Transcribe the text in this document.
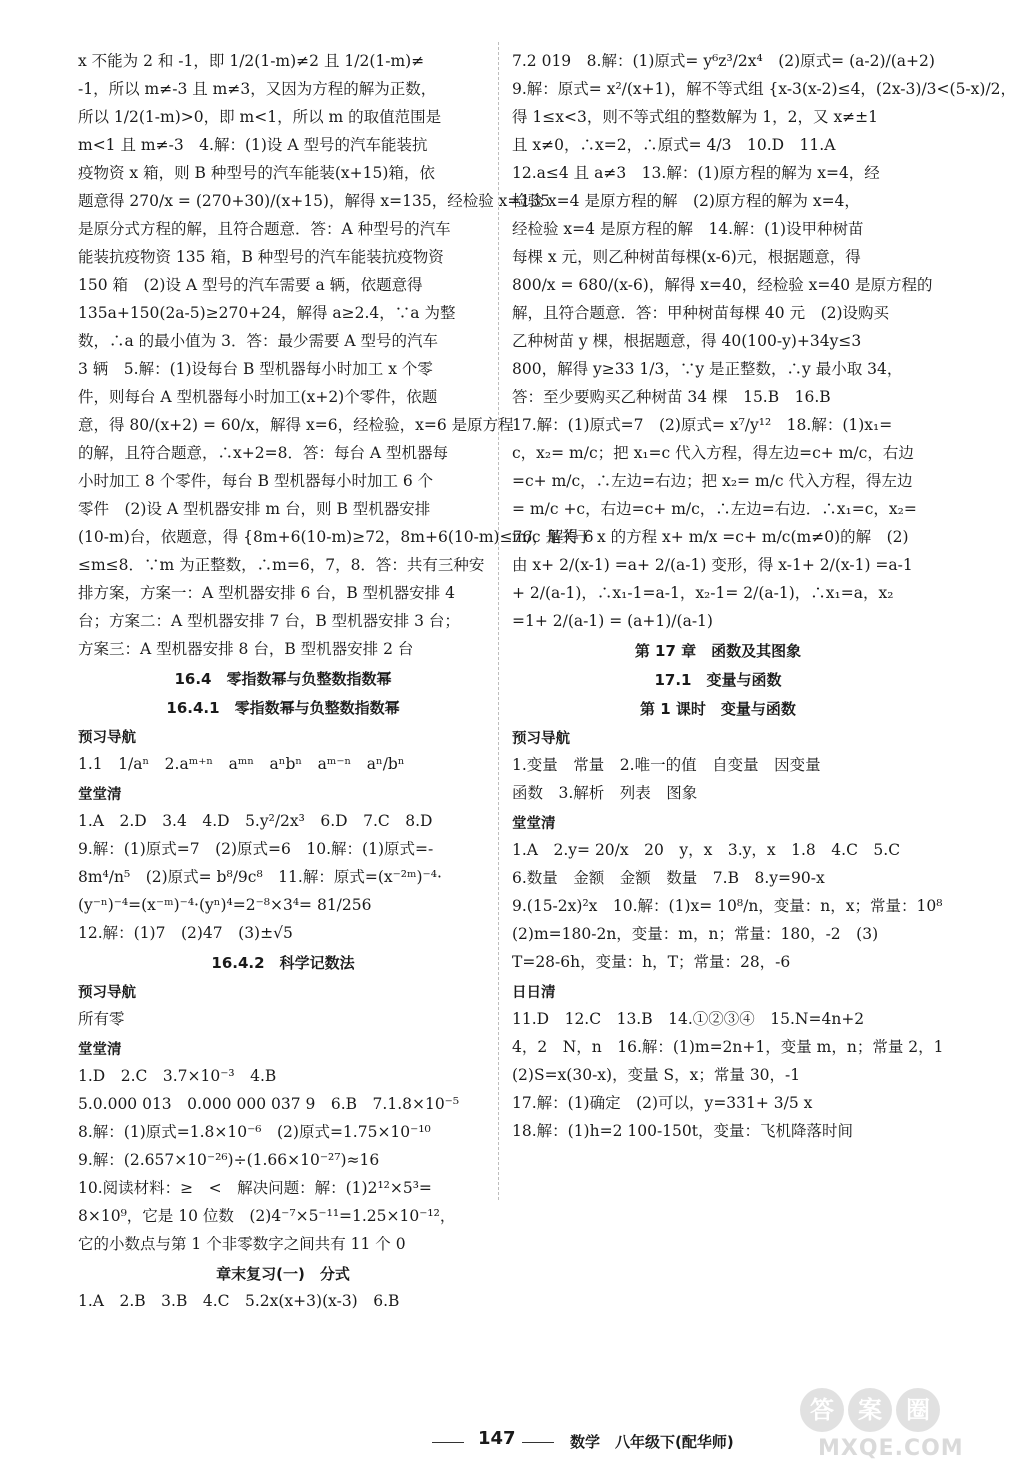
x 不能为 2 和 -1，即 1/2(1-m)≠2 且 1/2(1-m)≠
-1，所以 m≠-3 且 m≠3，又因为方程的解为正数，
所以 1/2(1-m)>0，即 m<1，所以 m 的取值范围是
m<1 且 m≠-3　4.解：(1)设 A 型号的汽车能装抗
疫物资 x 箱，则 B 种型号的汽车能装(x+15)箱，依
题意得 270/x = (270+30)/(x+15)，解得 x=135，经检验 x=135
是原分式方程的解，且符合题意．答：A 种型号的汽车
能装抗疫物资 135 箱，B 种型号的汽车能装抗疫物资
150 箱　(2)设 A 型号的汽车需要 a 辆，依题意得
135a+150(2a-5)≥270+24，解得 a≥2.4，∵a 为整
数，∴a 的最小值为 3．答：最少需要 A 型号的汽车
3 辆　5.解：(1)设每台 B 型机器每小时加工 x 个零
件，则每台 A 型机器每小时加工(x+2)个零件，依题
意，得 80/(x+2) = 60/x，解得 x=6，经检验，x=6 是原方程
的解，且符合题意，∴x+2=8．答：每台 A 型机器每
小时加工 8 个零件，每台 B 型机器每小时加工 6 个
零件　(2)设 A 型机器安排 m 台，则 B 型机器安排
(10-m)台，依题意，得 {8m+6(10-m)≥72，8m+6(10-m)≤76，解得 6
≤m≤8．∵m 为正整数，∴m=6，7，8．答：共有三种安
排方案，方案一：A 型机器安排 6 台，B 型机器安排 4
台；方案二：A 型机器安排 7 台，B 型机器安排 3 台；
方案三：A 型机器安排 8 台，B 型机器安排 2 台
16.4　零指数幂与负整数指数幂
16.4.1　零指数幂与负整数指数幂
预习导航
1.1　1/aⁿ　2.aᵐ⁺ⁿ　aᵐⁿ　aⁿbⁿ　aᵐ⁻ⁿ　aⁿ/bⁿ
堂堂清
1.A　2.D　3.4　4.D　5.y²/2x³　6.D　7.C　8.D
9.解：(1)原式=7　(2)原式=6　10.解：(1)原式=-
8m⁴/n⁵　(2)原式= b⁸/9c⁸　11.解：原式=(x⁻²ᵐ)⁻⁴·
(y⁻ⁿ)⁻⁴=(x⁻ᵐ)⁻⁴·(yⁿ)⁴=2⁻⁸×3⁴= 81/256
12.解：(1)7　(2)47　(3)±√5
16.4.2　科学记数法
预习导航
所有零
堂堂清
1.D　2.C　3.7×10⁻³　4.B
5.0.000 013　0.000 000 037 9　6.B　7.1.8×10⁻⁵
8.解：(1)原式=1.8×10⁻⁶　(2)原式=1.75×10⁻¹⁰
9.解：(2.657×10⁻²⁶)÷(1.66×10⁻²⁷)≈16
10.阅读材料：≥　<　解决问题：解：(1)2¹²×5³=
8×10⁹，它是 10 位数　(2)4⁻⁷×5⁻¹¹=1.25×10⁻¹²，
它的小数点与第 1 个非零数字之间共有 11 个 0
章末复习(一)　分式
1.A　2.B　3.B　4.C　5.2x(x+3)(x-3)　6.B
7.2 019　8.解：(1)原式= y⁶z³/2x⁴　(2)原式= (a-2)/(a+2)
9.解：原式= x²/(x+1)，解不等式组 {x-3(x-2)≤4，(2x-3)/3<(5-x)/2，
得 1≤x<3，则不等式组的整数解为 1，2，又 x≠±1
且 x≠0，∴x=2，∴原式= 4/3　10.D　11.A
12.a≤4 且 a≠3　13.解：(1)原方程的解为 x=4，经
检验 x=4 是原方程的解　(2)原方程的解为 x=4，
经检验 x=4 是原方程的解　14.解：(1)设甲种树苗
每棵 x 元，则乙种树苗每棵(x-6)元，根据题意，得
800/x = 680/(x-6)，解得 x=40，经检验 x=40 是原方程的
解，且符合题意．答：甲种树苗每棵 40 元　(2)设购买
乙种树苗 y 棵，根据题意，得 40(100-y)+34y≤3
800，解得 y≥33 1/3，∵y 是正整数，∴y 最小取 34，
答：至少要购买乙种树苗 34 棵　15.B　16.B
17.解：(1)原式=7　(2)原式= x⁷/y¹²　18.解：(1)x₁=
c，x₂= m/c；把 x₁=c 代入方程，得左边=c+ m/c，右边
=c+ m/c，∴左边=右边；把 x₂= m/c 代入方程，得左边
= m/c +c，右边=c+ m/c，∴左边=右边．∴x₁=c，x₂=
m/c 是关于 x 的方程 x+ m/x =c+ m/c(m≠0)的解　(2)
由 x+ 2/(x-1) =a+ 2/(a-1) 变形，得 x-1+ 2/(x-1) =a-1
+ 2/(a-1)，∴x₁-1=a-1，x₂-1= 2/(a-1)，∴x₁=a，x₂
=1+ 2/(a-1) = (a+1)/(a-1)
第 17 章　函数及其图象
17.1　变量与函数
第 1 课时　变量与函数
预习导航
1.变量　常量　2.唯一的值　自变量　因变量
函数　3.解析　列表　图象
堂堂清
1.A　2.y= 20/x　20　y，x　3.y，x　1.8　4.C　5.C
6.数量　金额　金额　数量　7.B　8.y=90-x
9.(15-2x)²x　10.解：(1)x= 10⁸/n，变量：n，x；常量：10⁸
(2)m=180-2n，变量：m，n；常量：180，-2　(3)
T=28-6h，变量：h，T；常量：28，-6
日日清
11.D　12.C　13.B　14.①②③④　15.N=4n+2
4，2　N，n　16.解：(1)m=2n+1，变量 m，n；常量 2，1
(2)S=x(30-x)，变量 S，x；常量 30，-1
17.解：(1)确定　(2)可以，y=331+ 3/5 x
18.解：(1)h=2 100-150t，变量：飞机降落时间
147	数学　八年级下(配华师)
答	案	圈
MXQE.COM
